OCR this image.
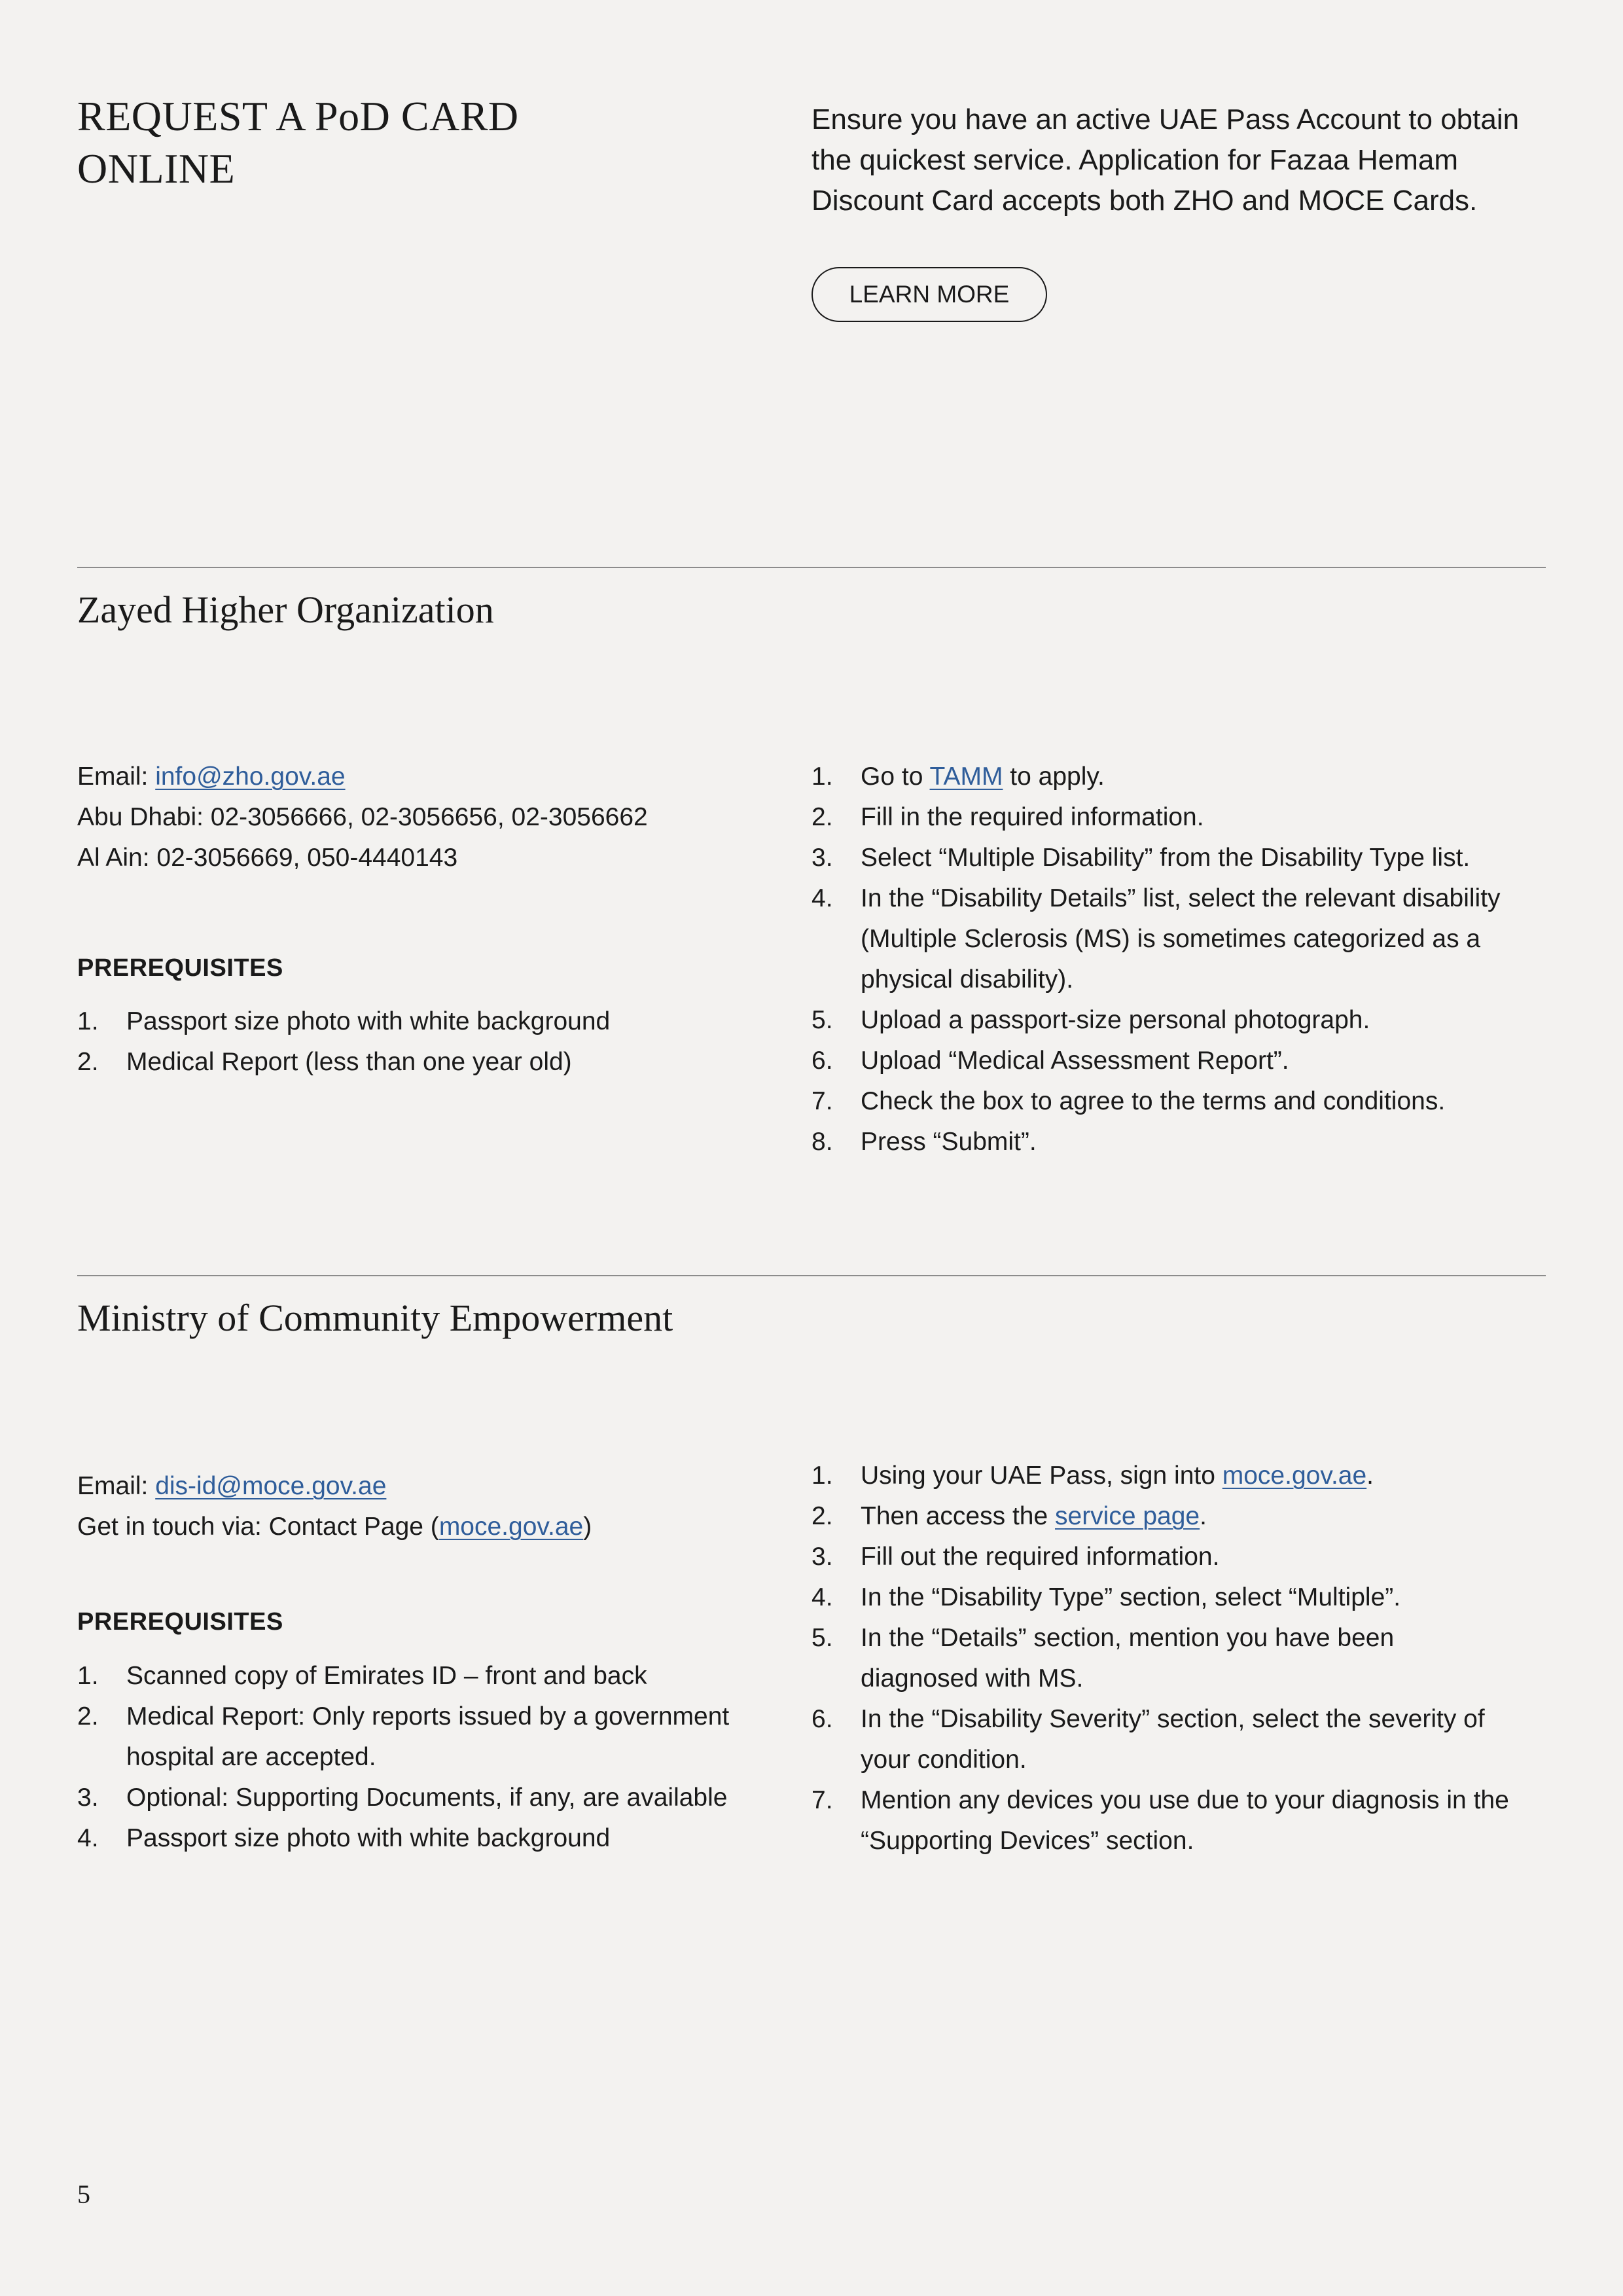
REQUEST A PoD CARD ONLINE

Ensure you have an active UAE Pass Account to obtain the quickest service. Application for Fazaa Hemam Discount Card accepts both ZHO and MOCE Cards.

LEARN MORE
Zayed Higher Organization
Email: info@zho.gov.ae
Abu Dhabi: 02-3056666, 02-3056656, 02-3056662
Al Ain: 02-3056669, 050-4440143
PREREQUISITES
1. Passport size photo with white background
2. Medical Report (less than one year old)
1. Go to TAMM to apply.
2. Fill in the required information.
3. Select “Multiple Disability” from the Disability Type list.
4. In the “Disability Details” list, select the relevant disability (Multiple Sclerosis (MS) is sometimes categorized as a physical disability).
5. Upload a passport-size personal photograph.
6. Upload “Medical Assessment Report”.
7. Check the box to agree to the terms and conditions.
8. Press “Submit”.
Ministry of Community Empowerment
Email: dis-id@moce.gov.ae
Get in touch via: Contact Page (moce.gov.ae)
PREREQUISITES
1. Scanned copy of Emirates ID – front and back
2. Medical Report: Only reports issued by a government hospital are accepted.
3. Optional: Supporting Documents, if any, are available
4. Passport size photo with white background
1. Using your UAE Pass, sign into moce.gov.ae.
2. Then access the service page.
3. Fill out the required information.
4. In the “Disability Type” section, select “Multiple”.
5. In the “Details” section, mention you have been diagnosed with MS.
6. In the “Disability Severity” section, select the severity of your condition.
7. Mention any devices you use due to your diagnosis in the “Supporting Devices” section.
5
